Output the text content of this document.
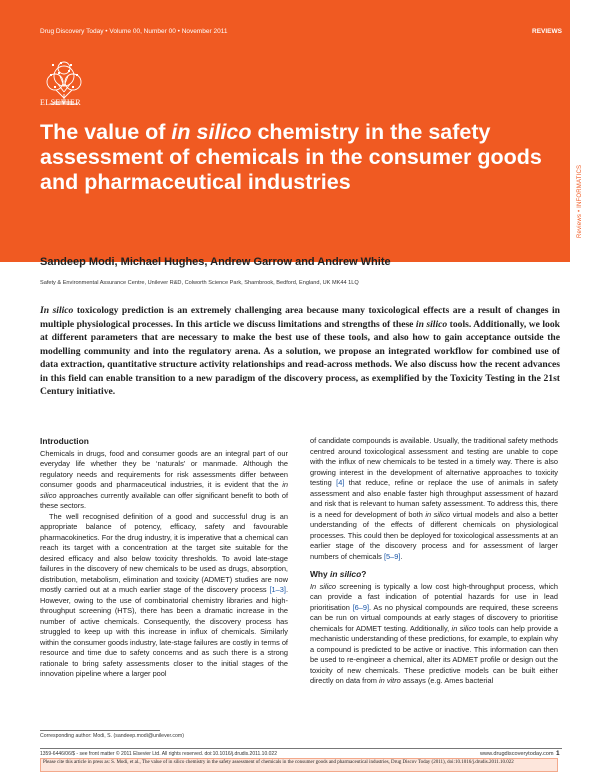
Reviews • INFORMATICS
Drug Discovery Today • Volume 00, Number 00 • November 2011	REVIEWS
ELSEVIER
The value of in silico chemistry in the safety assessment of chemicals in the consumer goods and pharmaceutical industries
Sandeep Modi, Michael Hughes, Andrew Garrow and Andrew White
Safety & Environmental Assurance Centre, Unilever R&D, Colworth Science Park, Sharnbrook, Bedford, England, UK MK44 1LQ

In silico toxicology prediction is an extremely challenging area because many toxicological effects are a result of changes in multiple physiological processes. In this article we discuss limitations and strengths of these in silico tools. Additionally, we look at different parameters that are necessary to make the best use of these tools, and also how to gain acceptance outside the modelling community and into the regulatory arena. As a solution, we propose an integrated workflow for combined use of data extraction, quantitative structure activity relationships and read-across methods. We also discuss how the recent advances in this field can enable transition to a new paradigm of the discovery process, as exemplified by the Toxicity Testing in the 21st Century initiative.

Introduction

Chemicals in drugs, food and consumer goods are an integral part of our everyday life whether they be ‘naturals’ or manmade. Although the regulatory needs and requirements for risk assessments differ between consumer goods and pharmaceutical industries, it is evident that the in silico approaches currently available can offer significant benefit to both of these sectors.

The well recognised definition of a good and successful drug is an appropriate balance of potency, efficacy, safety and favourable pharmacokinetics. For the drug industry, it is imperative that a chemical can reach its target with a concentration at the target site suitable for the desired efficacy and also below toxicity thresholds. To avoid late-stage failures in the discovery of new chemicals to be used as drugs, absorption, distribution, metabolism, elimination and toxicity (ADMET) studies are now mostly carried out at a much earlier stage of the discovery process [1–3]. However, owing to the use of combinatorial chemistry libraries and high-throughput screening (HTS), there has been a dramatic increase in the number of active chemicals. Consequently, the discovery process has struggled to keep up with this increase in influx of chemicals. Similarly within the consumer goods industry, late-stage failures are costly in terms of resource and time due to safety concerns and as such there is a strong rationale to bring safety assessments closer to the initial stages of the innovation pipeline where a larger pool

of candidate compounds is available. Usually, the traditional safety methods centred around toxicological assessment and testing are unable to cope with the influx of new chemicals to be tested in a timely way. There is also growing interest in the development of alternative approaches to toxicity testing [4] that reduce, refine or replace the use of animals in safety assessment and also enable faster high throughput assessment of hazard and risk that is relevant to human safety assessment. To address this, there is a need for development of both in silico virtual models and also a better understanding of the effects of different chemicals on physiological processes. This could then be deployed for toxicological assessments at an earlier stage of the discovery process and for assessment of larger numbers of chemicals [5–9].

Why in silico?

In silico screening is typically a low cost high-throughput process, which can provide a fast indication of potential hazards for use in lead prioritisation [6–9]. As no physical compounds are required, these screens can be run on virtual compounds at early stages of discovery to prioritise chemicals for ADMET testing. Additionally, in silico tools can help provide a mechanistic understanding of these predictions, for example, to explain why a compound is predicted to be active or inactive. This information can then be used to re-engineer a chemical, alter its ADMET profile or design out the toxicity of new chemicals. These predictive models can be built either directly on data from in vitro assays (e.g. Ames bacterial

Corresponding author: Modi, S. (sandeep.modi@unilever.com)
1359-6446/06/$ - see front matter © 2011 Elsevier Ltd. All rights reserved. doi:10.1016/j.drudis.2011.10.022	www.drugdiscoverytoday.com 1
Please cite this article in press as: S. Modi, et al., The value of in silico chemistry in the safety assessment of chemicals in the consumer goods and pharmaceutical industries, Drug Discov Today (2011), doi:10.1016/j.drudis.2011.10.022
